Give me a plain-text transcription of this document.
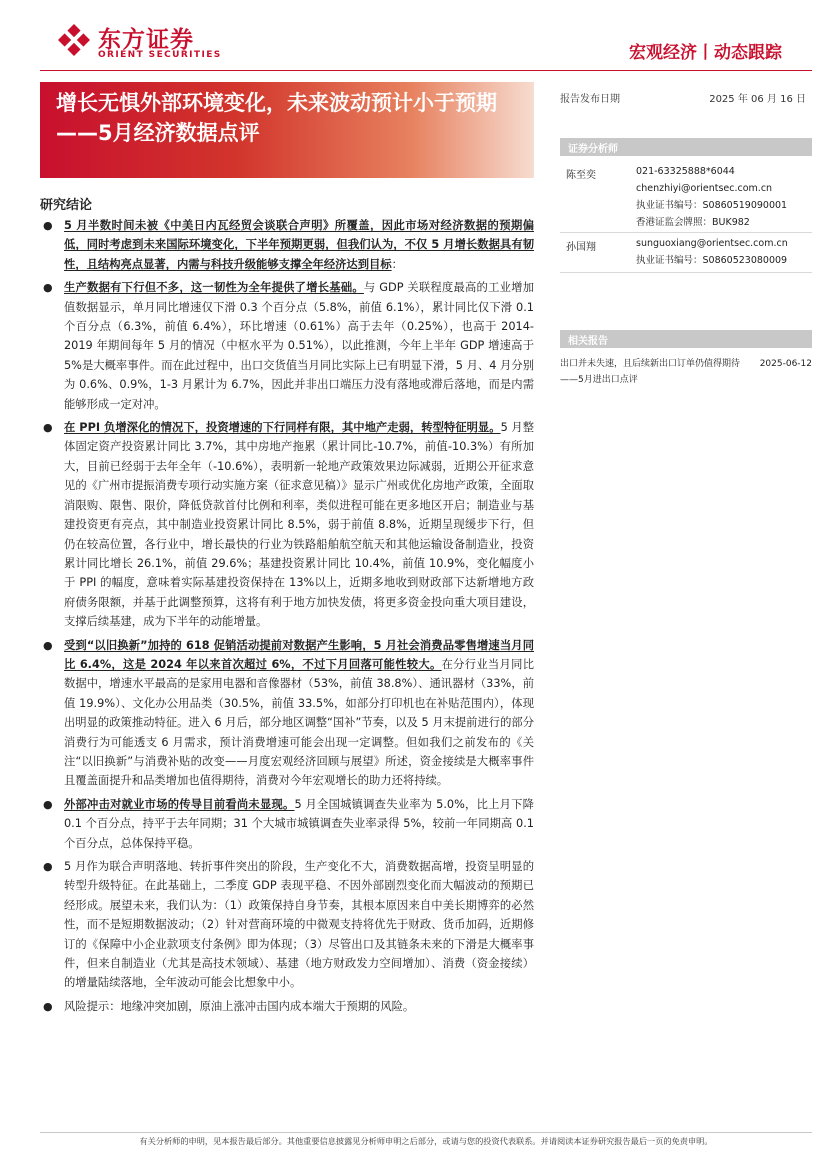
东方证券
ORIENT SECURITIES	宏观经济丨动态跟踪
增长无惧外部环境变化，未来波动预计小于预期——5月经济数据点评
报告发布日期	2025 年 06 月 16 日
证券分析师
陈至奕	021-63325888*6044
chenzhiyi@orientsec.com.cn
执业证书编号：S0860519090001
香港证监会牌照：BUK982
孙国翔	sunguoxiang@orientsec.com.cn
执业证书编号：S0860523080009
相关报告
出口并未失速，且后续新出口订单仍值得期待——5月进出口点评
2025-06-12
研究结论
● 5 月半数时间未被《中美日内瓦经贸会谈联合声明》所覆盖，因此市场对经济数据的预期偏低，同时考虑到未来国际环境变化，下半年预期更弱，但我们认为，不仅 5 月增长数据具有韧性，且结构亮点显著，内需与科技升级能够支撑全年经济达到目标：
● 生产数据有下行但不多，这一韧性为全年提供了增长基础。与 GDP 关联程度最高的工业增加值数据显示，单月同比增速仅下滑 0.3 个百分点（5.8%，前值 6.1%），累计同比仅下滑 0.1 个百分点（6.3%，前值 6.4%），环比增速（0.61%）高于去年（0.25%），也高于 2014-2019 年期间每年 5 月的情况（中枢水平为 0.51%），以此推测，今年上半年 GDP 增速高于 5%是大概率事件。而在此过程中，出口交货值当月同比实际上已有明显下滑，5 月、4 月分别为 0.6%、0.9%，1-3 月累计为 6.7%，因此并非出口端压力没有落地或滞后落地，而是内需能够形成一定对冲。
● 在 PPI 负增深化的情况下，投资增速的下行同样有限，其中地产走弱，转型特征明显。5 月整体固定资产投资累计同比 3.7%，其中房地产拖累（累计同比-10.7%，前值-10.3%）有所加大，目前已经弱于去年全年（-10.6%），表明新一轮地产政策效果边际减弱，近期公开征求意见的《广州市提振消费专项行动实施方案（征求意见稿）》显示广州或优化房地产政策，全面取消限购、限售、限价，降低贷款首付比例和利率，类似进程可能在更多地区开启；制造业与基建投资更有亮点，其中制造业投资累计同比 8.5%，弱于前值 8.8%，近期呈现缓步下行，但仍在较高位置，各行业中，增长最快的行业为铁路船舶航空航天和其他运输设备制造业，投资累计同比增长 26.1%，前值 29.6%；基建投资累计同比 10.4%，前值 10.9%，变化幅度小于 PPI 的幅度，意味着实际基建投资保持在 13%以上，近期多地收到财政部下达新增地方政府债务限额，并基于此调整预算，这将有利于地方加快发债，将更多资金投向重大项目建设，支撑后续基建，成为下半年的动能增量。
● 受到“以旧换新”加持的 618 促销活动提前对数据产生影响，5 月社会消费品零售增速当月同比 6.4%，这是 2024 年以来首次超过 6%，不过下月回落可能性较大。在分行业当月同比数据中，增速水平最高的是家用电器和音像器材（53%，前值 38.8%）、通讯器材（33%，前值 19.9%）、文化办公用品类（30.5%，前值 33.5%，如部分打印机也在补贴范围内），体现出明显的政策推动特征。进入 6 月后，部分地区调整“国补”节奏，以及 5 月末提前进行的部分消费行为可能透支 6 月需求，预计消费增速可能会出现一定调整。但如我们之前发布的《关注“以旧换新”与消费补贴的改变——月度宏观经济回顾与展望》所述，资金接续是大概率事件且覆盖面提升和品类增加也值得期待，消费对今年宏观增长的助力还将持续。
● 外部冲击对就业市场的传导目前看尚未显现。5 月全国城镇调查失业率为 5.0%，比上月下降 0.1 个百分点，持平于去年同期；31 个大城市城镇调查失业率录得 5%，较前一年同期高 0.1 个百分点，总体保持平稳。
● 5 月作为联合声明落地、转折事件突出的阶段，生产变化不大，消费数据高增，投资呈明显的转型升级特征。在此基础上，二季度 GDP 表现平稳、不因外部剧烈变化而大幅波动的预期已经形成。展望未来，我们认为：（1）政策保持自身节奏，其根本原因来自中美长期博弈的必然性，而不是短期数据波动；（2）针对营商环境的中微观支持将优先于财政、货币加码，近期修订的《保障中小企业款项支付条例》即为体现；（3）尽管出口及其链条未来的下滑是大概率事件，但来自制造业（尤其是高技术领域）、基建（地方财政发力空间增加）、消费（资金接续）的增量陆续落地，全年波动可能会比想象中小。
● 风险提示：地缘冲突加剧，原油上涨冲击国内成本端大于预期的风险。
有关分析师的申明，见本报告最后部分。其他重要信息披露见分析师申明之后部分，或请与您的投资代表联系。并请阅读本证券研究报告最后一页的免责申明。
